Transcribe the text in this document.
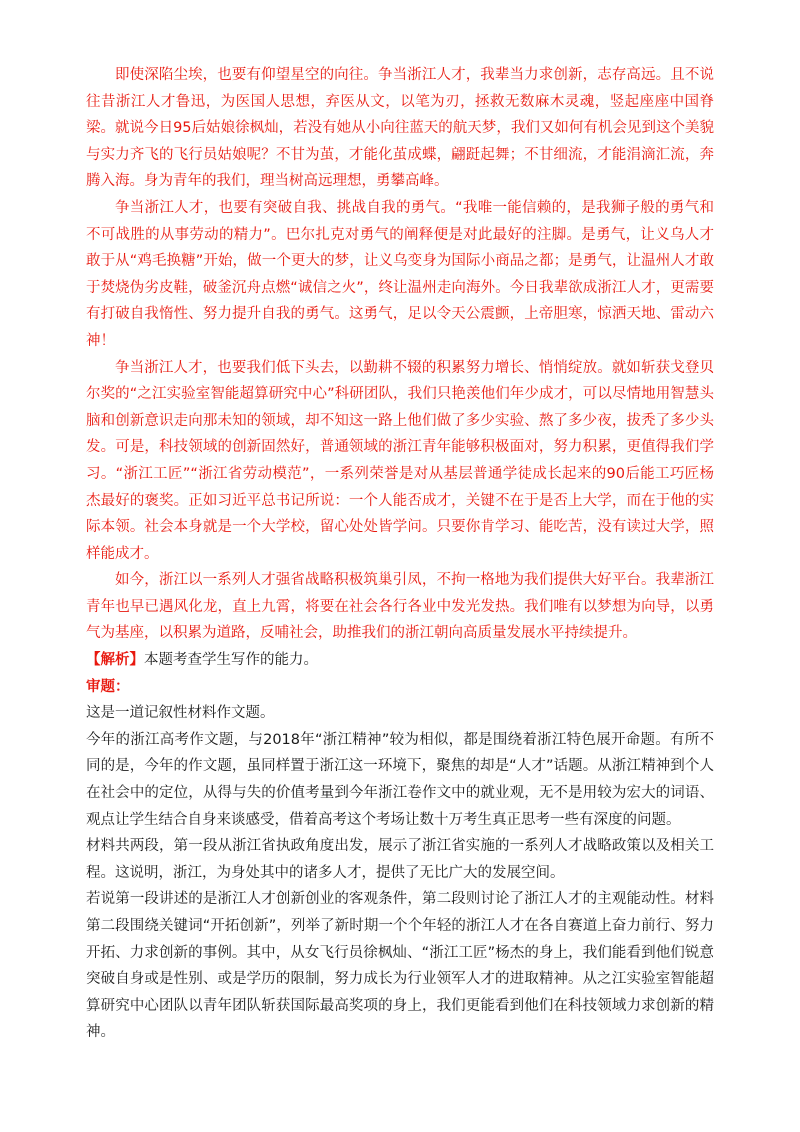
即使深陷尘埃，也要有仰望星空的向往。争当浙江人才，我辈当力求创新，志存高远。且不说往昔浙江人才鲁迅，为医国人思想，弃医从文，以笔为刃，拯救无数麻木灵魂，竖起座座中国脊梁。就说今日95后姑娘徐枫灿，若没有她从小向往蓝天的航天梦，我们又如何有机会见到这个美貌与实力齐飞的飞行员姑娘呢？不甘为茧，才能化茧成蝶，翩跹起舞；不甘细流，才能涓滴汇流，奔腾入海。身为青年的我们，理当树高远理想，勇攀高峰。

争当浙江人才，也要有突破自我、挑战自我的勇气。“我唯一能信赖的，是我狮子般的勇气和不可战胜的从事劳动的精力”。巴尔扎克对勇气的阐释便是对此最好的注脚。是勇气，让义乌人才敢于从“鸡毛换糖”开始，做一个更大的梦，让义乌变身为国际小商品之都；是勇气，让温州人才敢于焚烧伪劣皮鞋，破釜沉舟点燃“诚信之火”，终让温州走向海外。今日我辈欲成浙江人才，更需要有打破自我惰性、努力提升自我的勇气。这勇气，足以令天公震颤，上帝胆寒，惊洒天地、雷动六神！

争当浙江人才，也要我们低下头去，以勤耕不辍的积累努力增长、悄悄绽放。就如斩获戈登贝尔奖的“之江实验室智能超算研究中心”科研团队，我们只艳羡他们年少成才，可以尽情地用智慧头脑和创新意识走向那未知的领域，却不知这一路上他们做了多少实验、熬了多少夜，拔秃了多少头发。可是，科技领域的创新固然好，普通领域的浙江青年能够积极面对，努力积累，更值得我们学习。“浙江工匠”“浙江省劳动模范”，一系列荣誉是对从基层普通学徒成长起来的90后能工巧匠杨杰最好的褒奖。正如习近平总书记所说：一个人能否成才，关键不在于是否上大学，而在于他的实际本领。社会本身就是一个大学校，留心处处皆学问。只要你肯学习、能吃苦，没有读过大学，照样能成才。

如今，浙江以一系列人才强省战略积极筑巢引凤，不拘一格地为我们提供大好平台。我辈浙江青年也早已遇风化龙，直上九霄，将要在社会各行各业中发光发热。我们唯有以梦想为向导，以勇气为基座，以积累为道路，反哺社会，助推我们的浙江朝向高质量发展水平持续提升。

【解析】本题考查学生写作的能力。

审题：

这是一道记叙性材料作文题。

今年的浙江高考作文题，与2018年“浙江精神”较为相似，都是围绕着浙江特色展开命题。有所不同的是，今年的作文题，虽同样置于浙江这一环境下，聚焦的却是“人才”话题。从浙江精神到个人在社会中的定位，从得与失的价值考量到今年浙江卷作文中的就业观，无不是用较为宏大的词语、观点让学生结合自身来谈感受，借着高考这个考场让数十万考生真正思考一些有深度的问题。

材料共两段，第一段从浙江省执政角度出发，展示了浙江省实施的一系列人才战略政策以及相关工程。这说明，浙江，为身处其中的诸多人才，提供了无比广大的发展空间。

若说第一段讲述的是浙江人才创新创业的客观条件，第二段则讨论了浙江人才的主观能动性。材料第二段围绕关键词“开拓创新”，列举了新时期一个个年轻的浙江人才在各自赛道上奋力前行、努力开拓、力求创新的事例。其中，从女飞行员徐枫灿、“浙江工匠”杨杰的身上，我们能看到他们锐意突破自身或是性别、或是学历的限制，努力成长为行业领军人才的进取精神。从之江实验室智能超算研究中心团队以青年团队斩获国际最高奖项的身上，我们更能看到他们在科技领域力求创新的精神。
